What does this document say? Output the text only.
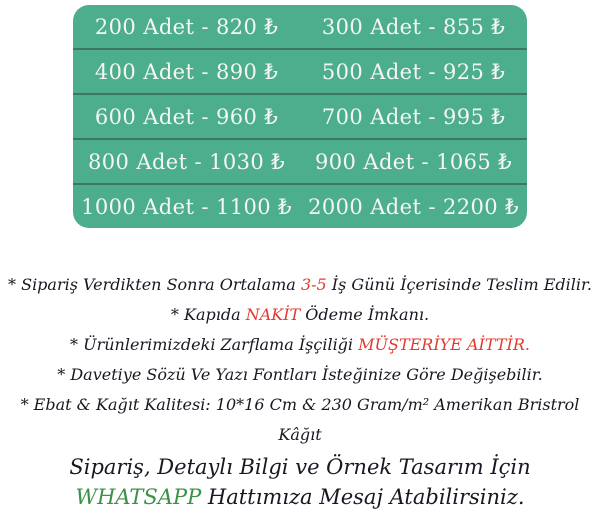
200 Adet - 820 ₺	300 Adet - 855 ₺
400 Adet - 890 ₺	500 Adet - 925 ₺
600 Adet - 960 ₺	700 Adet - 995 ₺
800 Adet - 1030 ₺	900 Adet - 1065 ₺
1000 Adet - 1100 ₺ 2000 Adet - 2200 ₺
* Sipariş Verdikten Sonra Ortalama 3-5 İş Günü İçerisinde Teslim Edilir.
* Kapıda NAKİT Ödeme İmkanı.
* Ürünlerimizdeki Zarflama İşçiliği MÜŞTERİYE AİTTİR.
* Davetiye Sözü Ve Yazı Fontları İsteğinize Göre Değişebilir.
* Ebat & Kağıt Kalitesi: 10*16 Cm & 230 Gram/m² Amerikan Bristrol Kâğıt
Sipariş, Detaylı Bilgi ve Örnek Tasarım İçin
WHATSAPP Hattımıza Mesaj Atabilirsiniz.
